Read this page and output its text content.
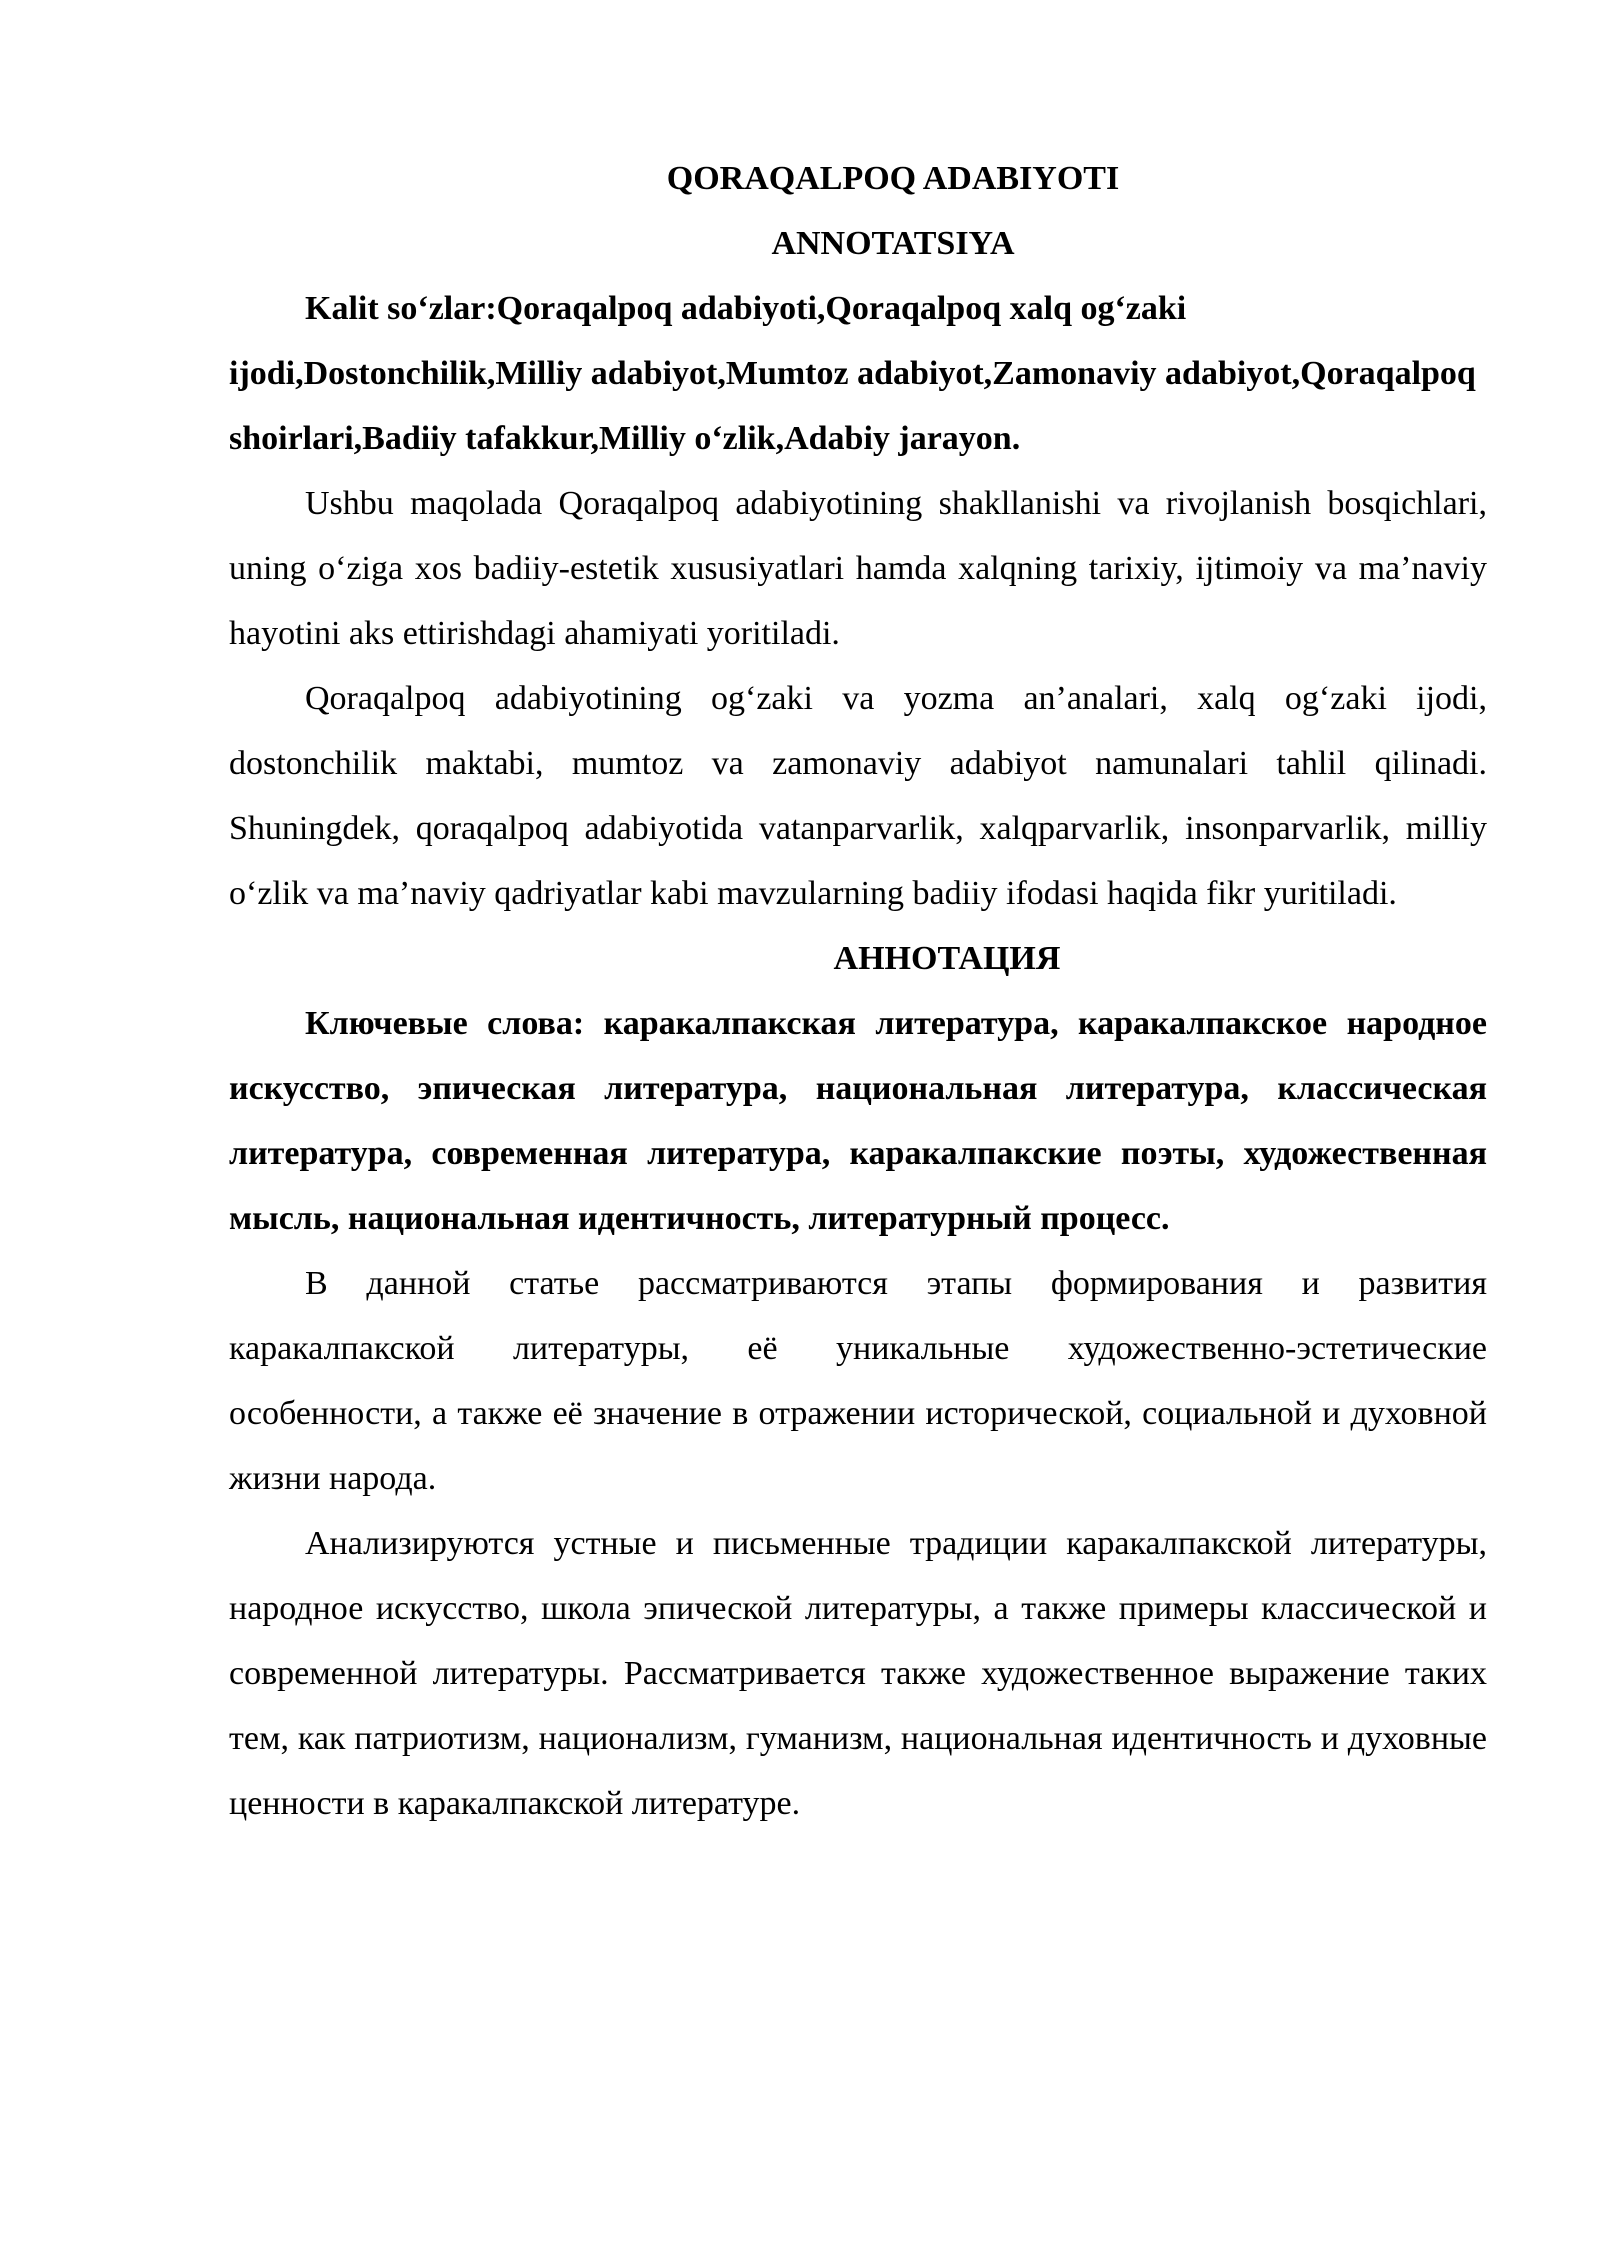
QORAQALPOQ ADABIYOTI
ANNOTATSIYA

Kalit so‘zlar:Qoraqalpoq adabiyoti,Qoraqalpoq xalq og‘zaki ijodi,Dostonchilik,Milliy adabiyot,Mumtoz adabiyot,Zamonaviy adabiyot,Qoraqalpoq shoirlari,Badiiy tafakkur,Milliy o‘zlik,Adabiy jarayon.

Ushbu maqolada Qoraqalpoq adabiyotining shakllanishi va rivojlanish bosqichlari, uning o‘ziga xos badiiy-estetik xususiyatlari hamda xalqning tarixiy, ijtimoiy va ma’naviy hayotini aks ettirishdagi ahamiyati yoritiladi.

Qoraqalpoq adabiyotining og‘zaki va yozma an’analari, xalq og‘zaki ijodi, dostonchilik maktabi, mumtoz va zamonaviy adabiyot namunalari tahlil qilinadi. Shuningdek, qoraqalpoq adabiyotida vatanparvarlik, xalqparvarlik, insonparvarlik, milliy o‘zlik va ma’naviy qadriyatlar kabi mavzularning badiiy ifodasi haqida fikr yuritiladi.

АННОТАЦИЯ

Ключевые слова: каракалпакская литература, каракалпакское народное искусство, эпическая литература, национальная литература, классическая литература, современная литература, каракалпакские поэты, художественная мысль, национальная идентичность, литературный процесс.

В данной статье рассматриваются этапы формирования и развития каракалпакской литературы, её уникальные художественно-эстетические особенности, а также её значение в отражении исторической, социальной и духовной жизни народа.

Анализируются устные и письменные традиции каракалпакской литературы, народное искусство, школа эпической литературы, а также примеры классической и современной литературы. Рассматривается также художественное выражение таких тем, как патриотизм, национализм, гуманизм, национальная идентичность и духовные ценности в каракалпакской литературе.
